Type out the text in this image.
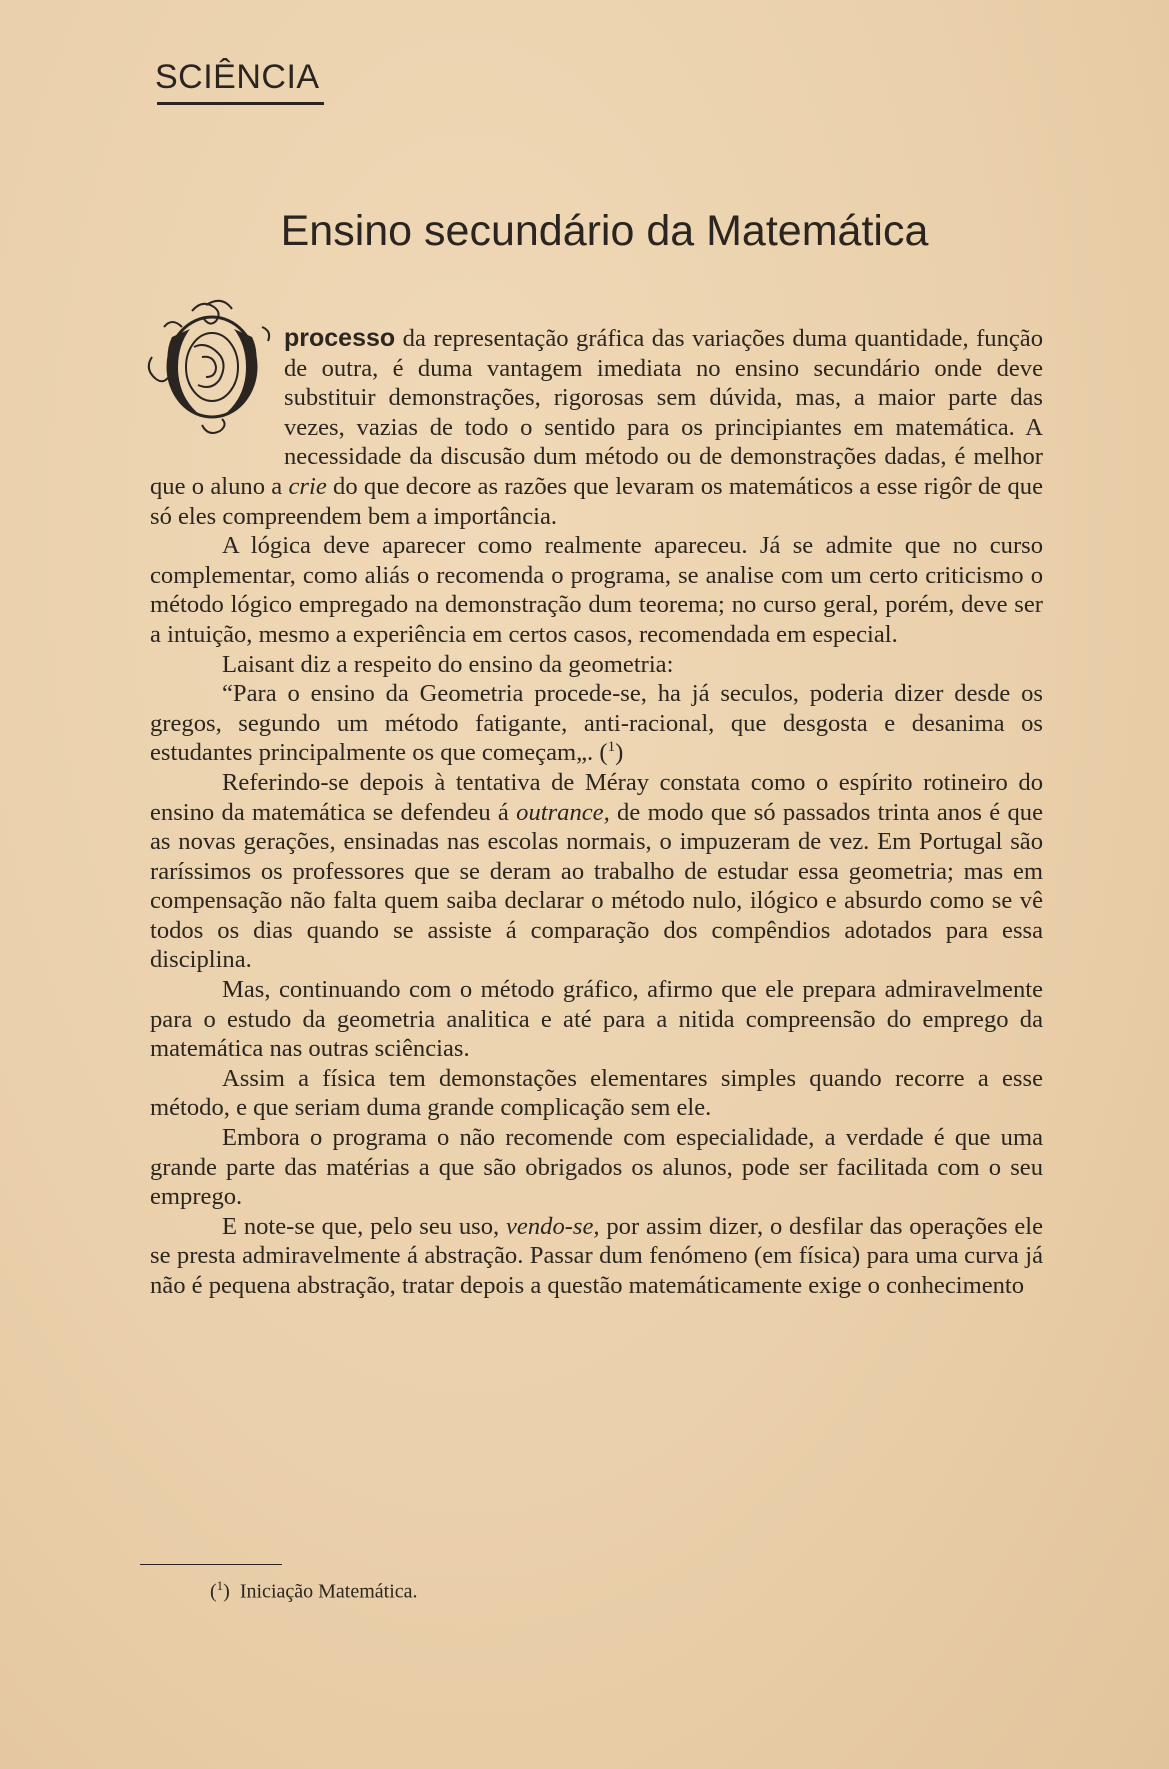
SCIÊNCIA
Ensino secundário da Matemática

processo da representação gráfica das variações duma quantidade, função de outra, é duma vantagem imediata no ensino secundário onde deve substituir demonstrações, rigorosas sem dúvida, mas, a maior parte das vezes, vazias de todo o sentido para os principiantes em matemática. A necessidade da discusão dum método ou de demonstrações dadas, é melhor que o aluno a crie do que decore as razões que levaram os matemáticos a esse rigôr de que só eles compreendem bem a importância.

A lógica deve aparecer como realmente apareceu. Já se admite que no curso complementar, como aliás o recomenda o programa, se analise com um certo criticismo o método lógico empregado na demonstração dum teorema; no curso geral, porém, deve ser a intuição, mesmo a experiência em certos casos, recomendada em especial.

Laisant diz a respeito do ensino da geometria:

“Para o ensino da Geometria procede-se, ha já seculos, poderia dizer desde os gregos, segundo um método fatigante, anti-racional, que desgosta e desanima os estudantes principalmente os que começam„. ($^1$)

Referindo-se depois à tentativa de Méray constata como o espírito rotineiro do ensino da matemática se defendeu á outrance, de modo que só passados trinta anos é que as novas gerações, ensinadas nas escolas normais, o impuzeram de vez. Em Portugal são raríssimos os professores que se deram ao trabalho de estudar essa geometria; mas em compensação não falta quem saiba declarar o método nulo, ilógico e absurdo como se vê todos os dias quando se assiste á comparação dos compêndios adotados para essa disciplina.

Mas, continuando com o método gráfico, afirmo que ele prepara admiravelmente para o estudo da geometria analitica e até para a nitida compreensão do emprego da matemática nas outras sciências.

Assim a física tem demonstações elementares simples quando recorre a esse método, e que seriam duma grande complicação sem ele.

Embora o programa o não recomende com especialidade, a verdade é que uma grande parte das matérias a que são obrigados os alunos, pode ser facilitada com o seu emprego.

E note-se que, pelo seu uso, vendo-se, por assim dizer, o desfilar das operações ele se presta admiravelmente á abstração. Passar dum fenómeno (em física) para uma curva já não é pequena abstração, tratar depois a questão matemáticamente exige o conhecimento

($^1$) Iniciação Matemática.
